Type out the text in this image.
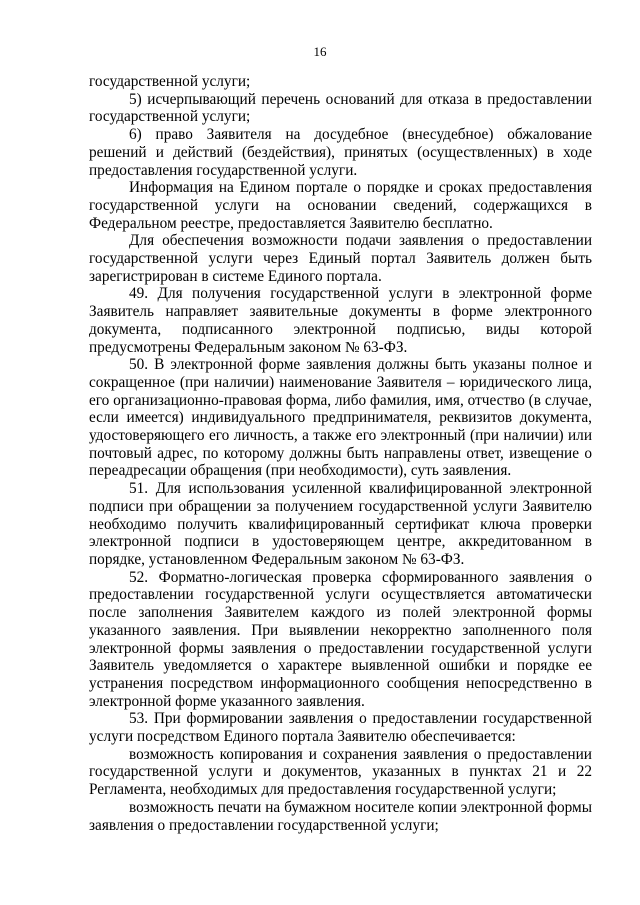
16

государственной услуги;

5) исчерпывающий перечень оснований для отказа в предоставлении государственной услуги;

6) право Заявителя на досудебное (внесудебное) обжалование решений и действий (бездействия), принятых (осуществленных) в ходе предоставления государственной услуги.

Информация на Едином портале о порядке и сроках предоставления государственной услуги на основании сведений, содержащихся в Федеральном реестре, предоставляется Заявителю бесплатно.

Для обеспечения возможности подачи заявления о предоставлении государственной услуги через Единый портал Заявитель должен быть зарегистрирован в системе Единого портала.

49. Для получения государственной услуги в электронной форме Заявитель направляет заявительные документы в форме электронного документа, подписанного электронной подписью, виды которой предусмотрены Федеральным законом № 63-ФЗ.

50. В электронной форме заявления должны быть указаны полное и сокращенное (при наличии) наименование Заявителя – юридического лица, его организационно-правовая форма, либо фамилия, имя, отчество (в случае, если имеется) индивидуального предпринимателя, реквизитов документа, удостоверяющего его личность, а также его электронный (при наличии) или почтовый адрес, по которому должны быть направлены ответ, извещение о переадресации обращения (при необходимости), суть заявления.

51. Для использования усиленной квалифицированной электронной подписи при обращении за получением государственной услуги Заявителю необходимо получить квалифицированный сертификат ключа проверки электронной подписи в удостоверяющем центре, аккредитованном в порядке, установленном Федеральным законом № 63-ФЗ.

52. Форматно-логическая проверка сформированного заявления о предоставлении государственной услуги осуществляется автоматически после заполнения Заявителем каждого из полей электронной формы указанного заявления. При выявлении некорректно заполненного поля электронной формы заявления о предоставлении государственной услуги Заявитель уведомляется о характере выявленной ошибки и порядке ее устранения посредством информационного сообщения непосредственно в электронной форме указанного заявления.

53. При формировании заявления о предоставлении государственной услуги посредством Единого портала Заявителю обеспечивается:

возможность копирования и сохранения заявления о предоставлении государственной услуги и документов, указанных в пунктах 21 и 22 Регламента, необходимых для предоставления государственной услуги;

возможность печати на бумажном носителе копии электронной формы заявления о предоставлении государственной услуги;
